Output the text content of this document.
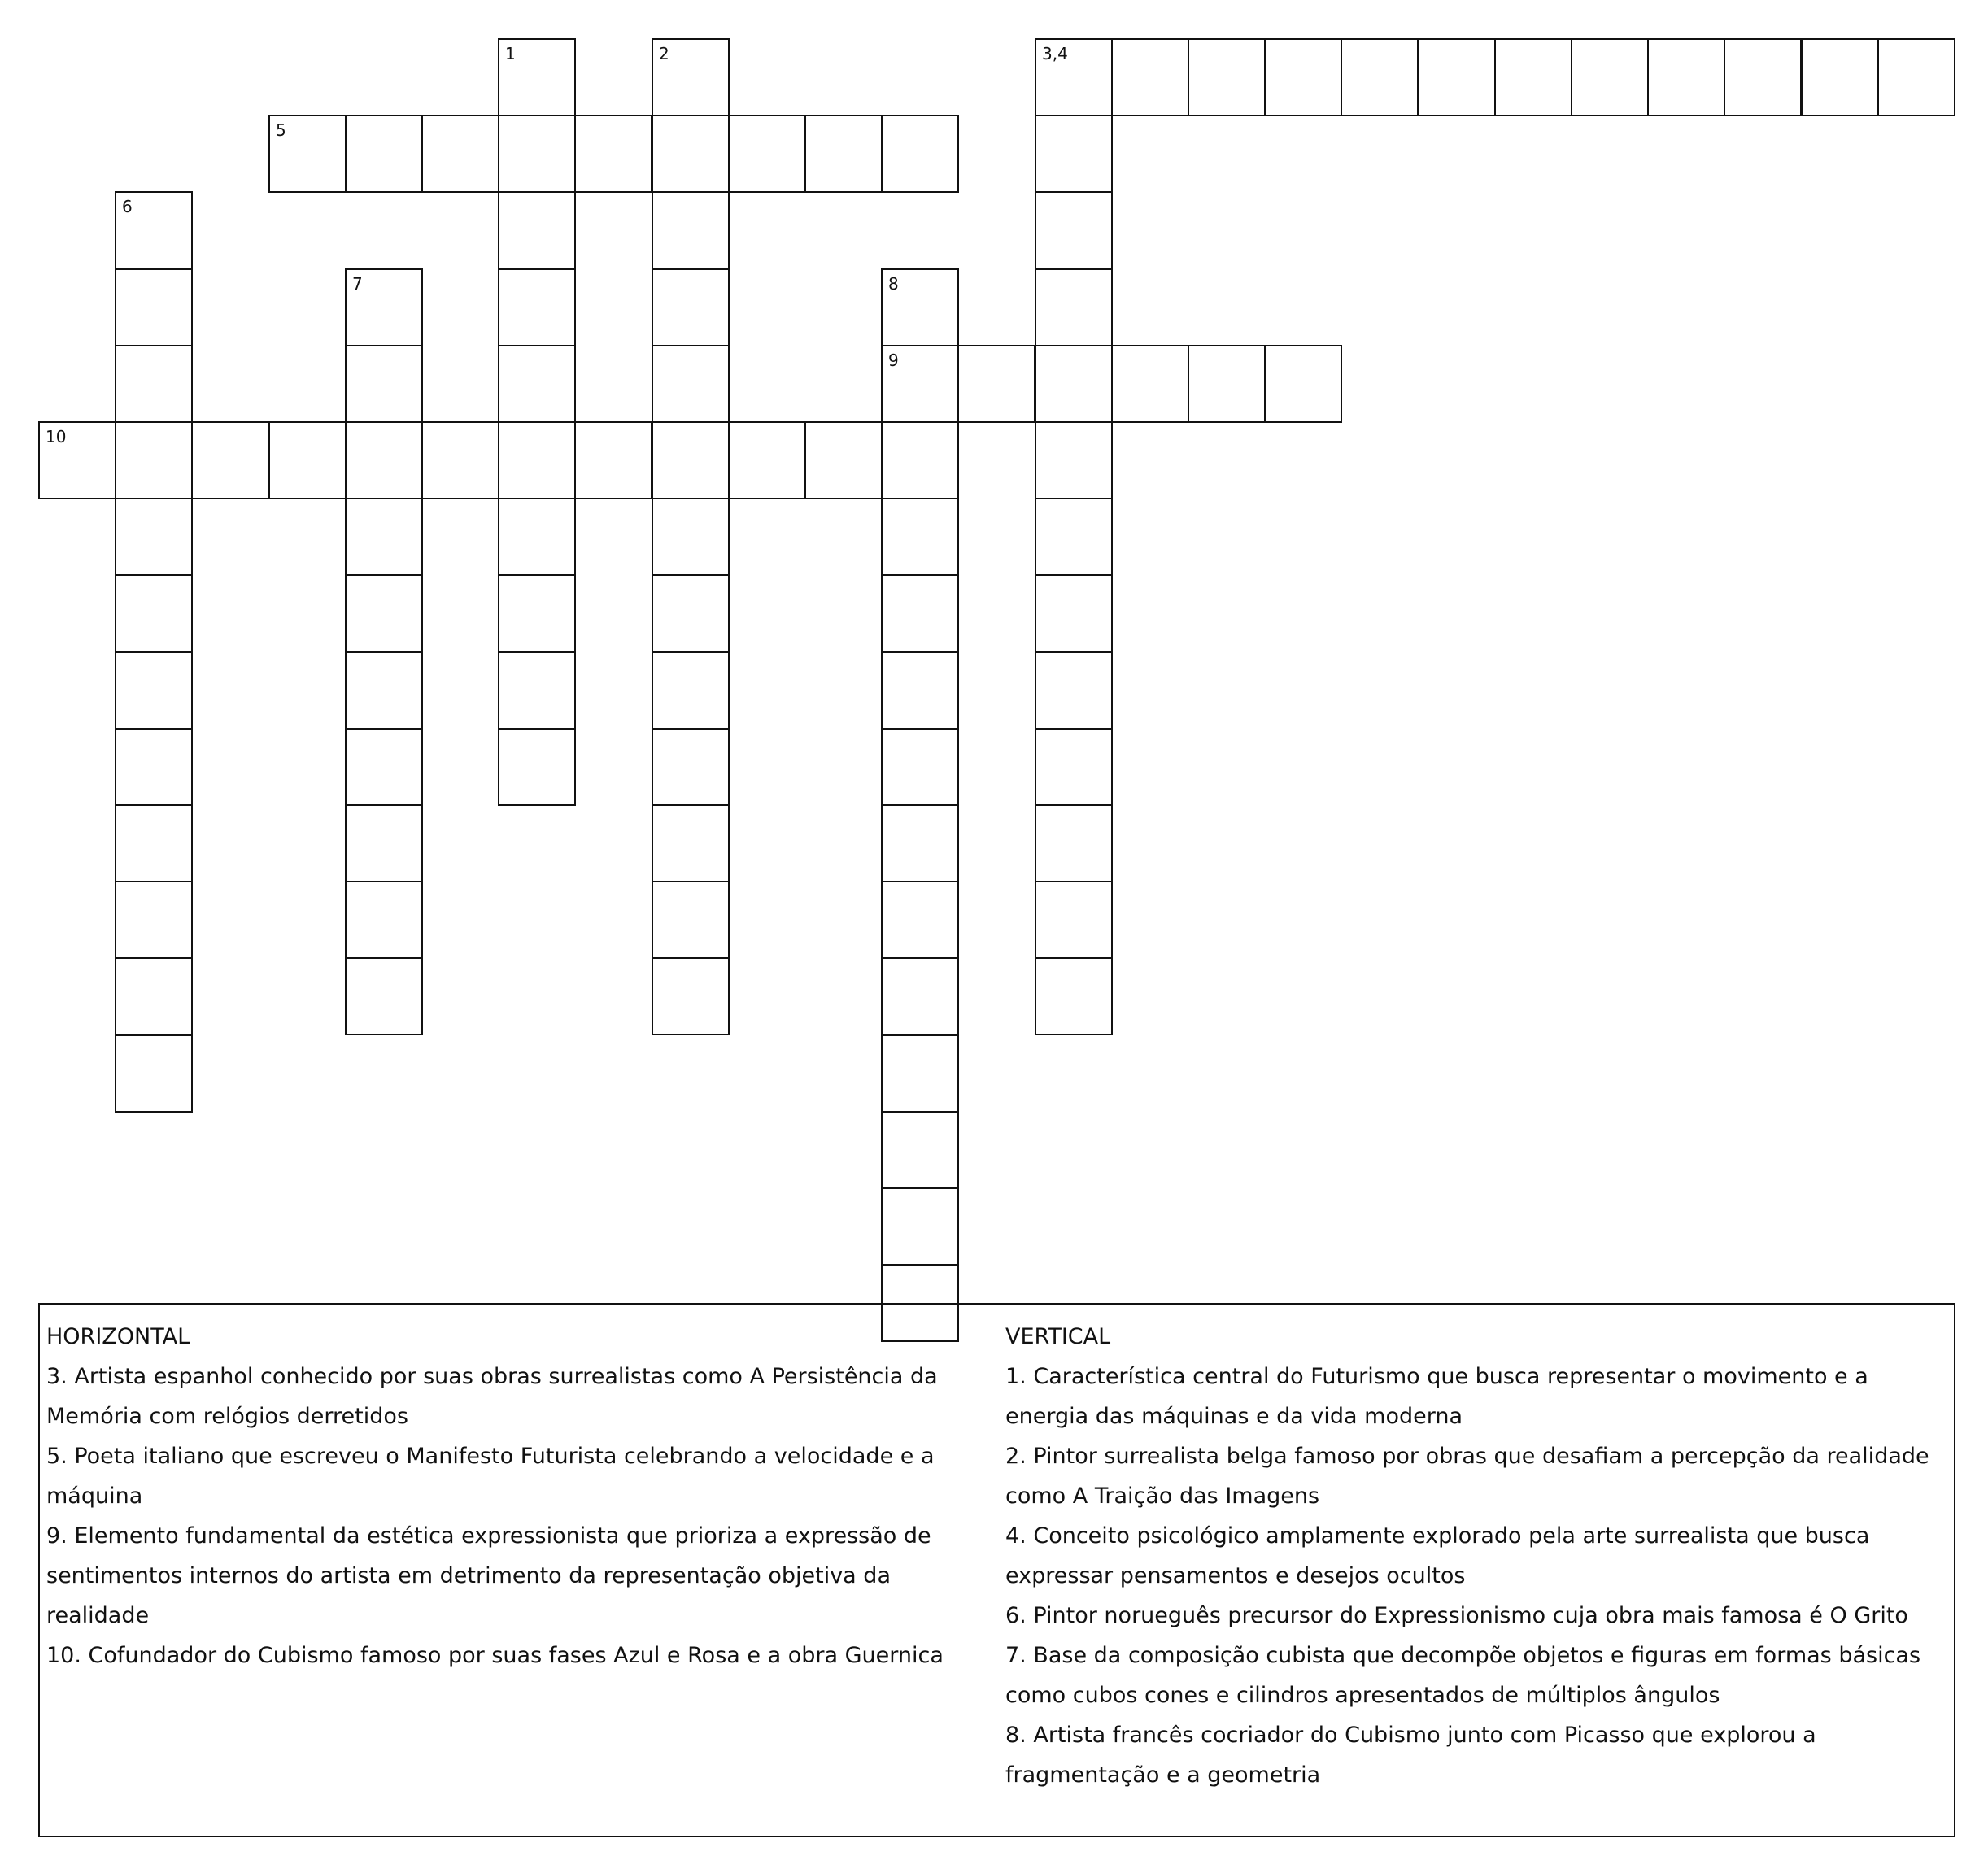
3,4
1	2
5
6
7	8
9
10
HORIZONTAL
3. Artista espanhol conhecido por suas obras surrealistas como A Persistência da Memória com relógios derretidos
5. Poeta italiano que escreveu o Manifesto Futurista celebrando a velocidade e a máquina
9. Elemento fundamental da estética expressionista que prioriza a expressão de sentimentos internos do artista em detrimento da representação objetiva da realidade
10. Cofundador do Cubismo famoso por suas fases Azul e Rosa e a obra Guernica
VERTICAL
1. Característica central do Futurismo que busca representar o movimento e a energia das máquinas e da vida moderna
2. Pintor surrealista belga famoso por obras que desafiam a percepção da realidade como A Traição das Imagens
4. Conceito psicológico amplamente explorado pela arte surrealista que busca expressar pensamentos e desejos ocultos
6. Pintor norueguês precursor do Expressionismo cuja obra mais famosa é O Grito
7. Base da composição cubista que decompõe objetos e figuras em formas básicas como cubos cones e cilindros apresentados de múltiplos ângulos
8. Artista francês cocriador do Cubismo junto com Picasso que explorou a fragmentação e a geometria
